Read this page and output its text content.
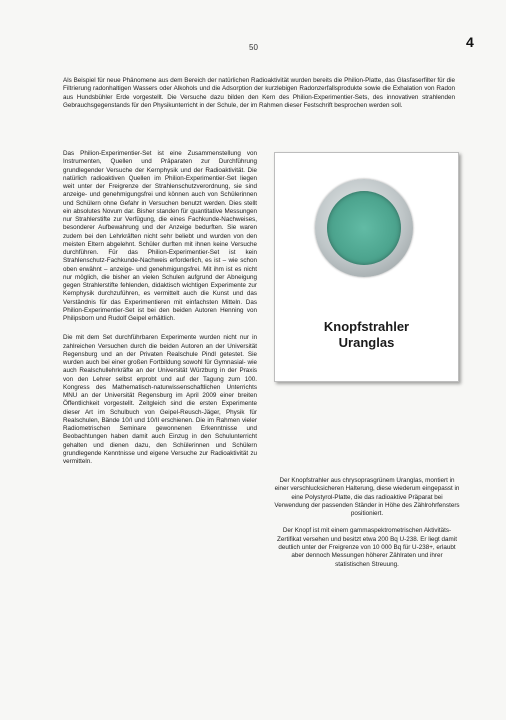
50	4

Als Beispiel für neue Phänomene aus dem Bereich der natürlichen Radioaktivität wurden bereits die Philion-Platte, das Glasfaserfilter für die Filtrierung radonhaltigen Wassers oder Alkohols und die Adsorption der kurzlebigen Radonzerfallsprodukte sowie die Exhalation von Radon aus Hundsbühler Erde vorgestellt. Die Versuche dazu bilden den Kern des Philion-Experimentier-Sets, des innovativen strahlenden Gebrauchsgegenstands für den Physikunterricht in der Schule, der im Rahmen dieser Festschrift besprochen werden soll.

Das Philion-Experimentier-Set ist eine Zusammenstellung von Instrumenten, Quellen und Präparaten zur Durchführung grundlegender Versuche der Kernphysik und der Radioaktivität. Die natürlich radioaktiven Quellen im Philion-Experimentier-Set liegen weit unter der Freigrenze der Strahlenschutzverordnung, sie sind anzeige- und genehmigungsfrei und können auch von Schülerinnen und Schülern ohne Gefahr in Versuchen benutzt werden. Dies stellt ein absolutes Novum dar. Bisher standen für quantitative Messungen nur Strahlerstifte zur Verfügung, die eines Fachkunde-Nachweises, besonderer Aufbewahrung und der Anzeige bedurften. Sie waren zudem bei den Lehrkräften nicht sehr beliebt und wurden von den meisten Eltern abgelehnt. Schüler durften mit ihnen keine Versuche durchführen. Für das Philion-Experimentier-Set ist kein Strahlenschutz-Fachkunde-Nachweis erforderlich, es ist – wie schon oben erwähnt – anzeige- und genehmigungsfrei. Mit ihm ist es nicht nur möglich, die bisher an vielen Schulen aufgrund der Abneigung gegen Strahlerstifte fehlenden, didaktisch wichtigen Experimente zur Kernphysik durchzuführen, es vermittelt auch die Kunst und das Verständnis für das Experimentieren mit einfachsten Mitteln. Das Philion-Experimentier-Set ist bei den beiden Autoren Henning von Philipsborn und Rudolf Geipel erhältlich.

Die mit dem Set durchführbaren Experimente wurden nicht nur in zahlreichen Versuchen durch die beiden Autoren an der Universität Regensburg und an der Privaten Realschule Pindl getestet. Sie wurden auch bei einer großen Fortbildung sowohl für Gymnasial- wie auch Realschullehrkräfte an der Universität Würzburg in der Praxis von den Lehrer selbst erprobt und auf der Tagung zum 100. Kongress des Mathematisch-naturwissenschaftlichen Unterrichts MNU an der Universität Regensburg im April 2009 einer breiten Öffentlichkeit vorgestellt. Zeitgleich sind die ersten Experimente dieser Art im Schulbuch von Geipel-Reusch-Jäger, Physik für Realschulen, Bände 10/I und 10/II erschienen. Die im Rahmen vieler Radiometrischen Seminare gewonnenen Erkenntnisse und Beobachtungen haben damit auch Einzug in den Schulunterricht gehalten und dienen dazu, den Schülerinnen und Schülern grundlegende Kenntnisse und eigene Versuche zur Radioaktivität zu vermitteln.

Knopfstrahler
Uranglas

Der Knopfstrahler aus chrysoprasgrünem Uranglas, montiert in einer verschlucksicheren Halterung, diese wiederum eingepasst in eine Polystyrol-Platte, die das radioaktive Präparat bei Verwendung der passenden Ständer in Höhe des Zählrohrfensters positioniert.

Der Knopf ist mit einem gammaspektrometrischen Aktivitäts-Zertifikat versehen und besitzt etwa 200 Bq U-238. Er liegt damit deutlich unter der Freigrenze von 10 000 Bq für U-238+, erlaubt aber dennoch Messungen höherer Zählraten und ihrer statistischen Streuung.
